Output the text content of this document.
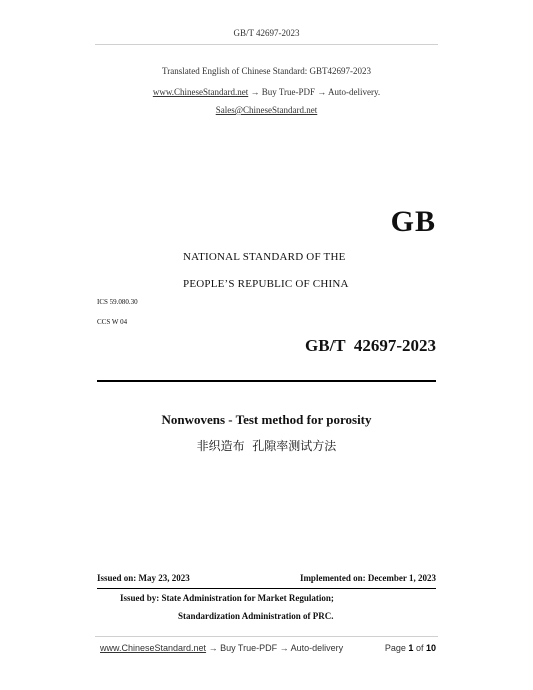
GB/T 42697-2023
Translated English of Chinese Standard: GBT42697-2023
www.ChineseStandard.net → Buy True-PDF → Auto-delivery.
Sales@ChineseStandard.net
GB
NATIONAL STANDARD OF THE
PEOPLE’S REPUBLIC OF CHINA
ICS 59.080.30
CCS W 04
GB/T  42697-2023
Nonwovens - Test method for porosity
非织造布  孔隙率测试方法
Issued on: May 23, 2023	Implemented on: December 1, 2023
Issued by: State Administration for Market Regulation;
Standardization Administration of PRC.
www.ChineseStandard.net → Buy True-PDF → Auto-delivery	Page 1 of 10
